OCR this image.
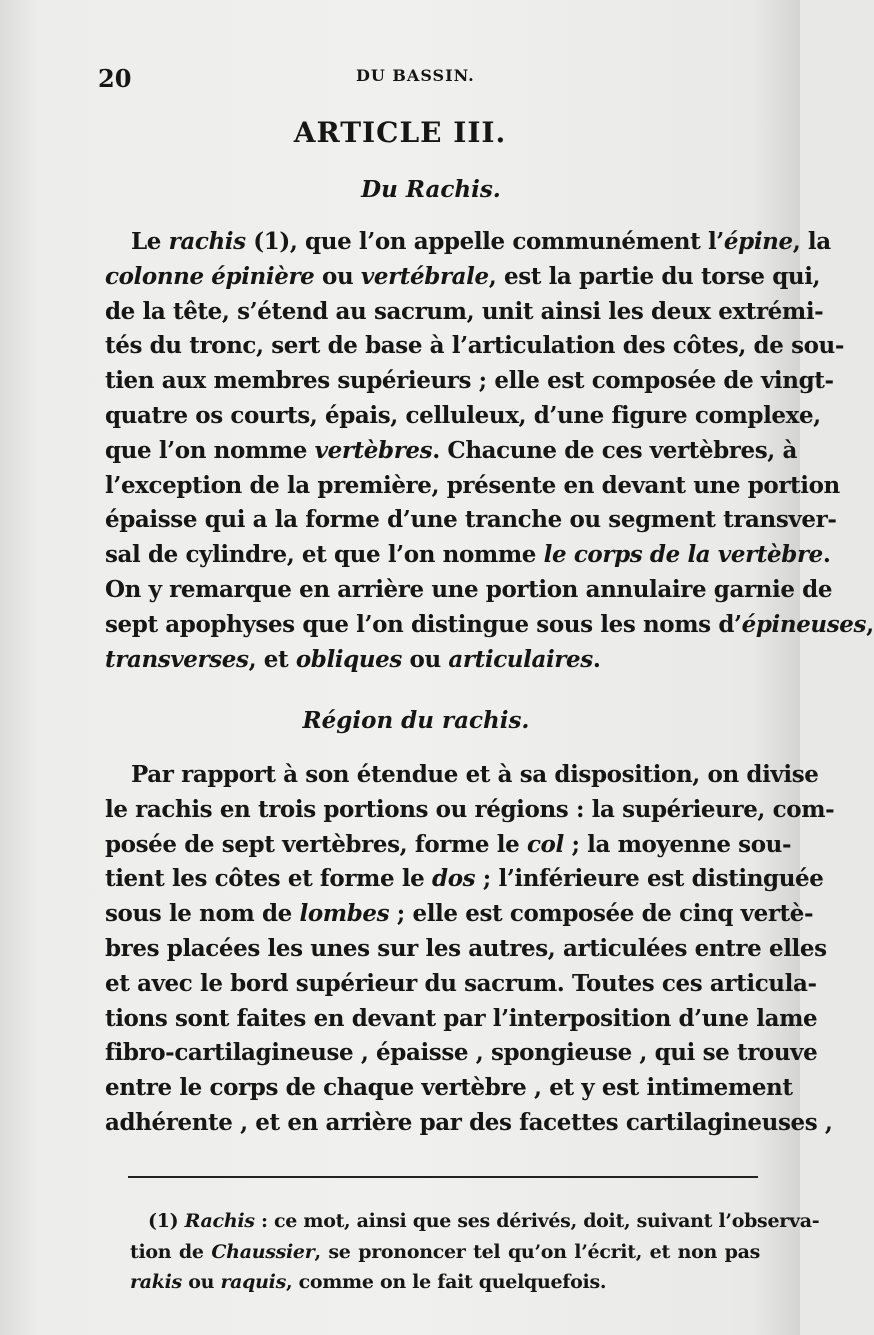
20	DU BASSIN.
ARTICLE III.
Du Rachis.
Le rachis (1), que l’on appelle communément l’épine, la
colonne épinière ou vertébrale, est la partie du torse qui,
de la tête, s’étend au sacrum, unit ainsi les deux extrémi-
tés du tronc, sert de base à l’articulation des côtes, de sou-
tien aux membres supérieurs ; elle est composée de vingt-
quatre os courts, épais, celluleux, d’une figure complexe,
que l’on nomme vertèbres. Chacune de ces vertèbres, à
l’exception de la première, présente en devant une portion
épaisse qui a la forme d’une tranche ou segment transver-
sal de cylindre, et que l’on nomme le corps de la vertèbre.
On y remarque en arrière une portion annulaire garnie de
sept apophyses que l’on distingue sous les noms d’épineuses,
transverses, et obliques ou articulaires.
Région du rachis.
Par rapport à son étendue et à sa disposition, on divise
le rachis en trois portions ou régions : la supérieure, com-
posée de sept vertèbres, forme le col ; la moyenne sou-
tient les côtes et forme le dos ; l’inférieure est distinguée
sous le nom de lombes ; elle est composée de cinq vertè-
bres placées les unes sur les autres, articulées entre elles
et avec le bord supérieur du sacrum. Toutes ces articula-
tions sont faites en devant par l’interposition d’une lame
fibro-cartilagineuse , épaisse , spongieuse , qui se trouve
entre le corps de chaque vertèbre , et y est intimement
adhérente , et en arrière par des facettes cartilagineuses ,
(1) Rachis : ce mot, ainsi que ses dérivés, doit, suivant l’observa-
tion de Chaussier, se prononcer tel qu’on l’écrit, et non pas
rakis ou raquis, comme on le fait quelquefois.
